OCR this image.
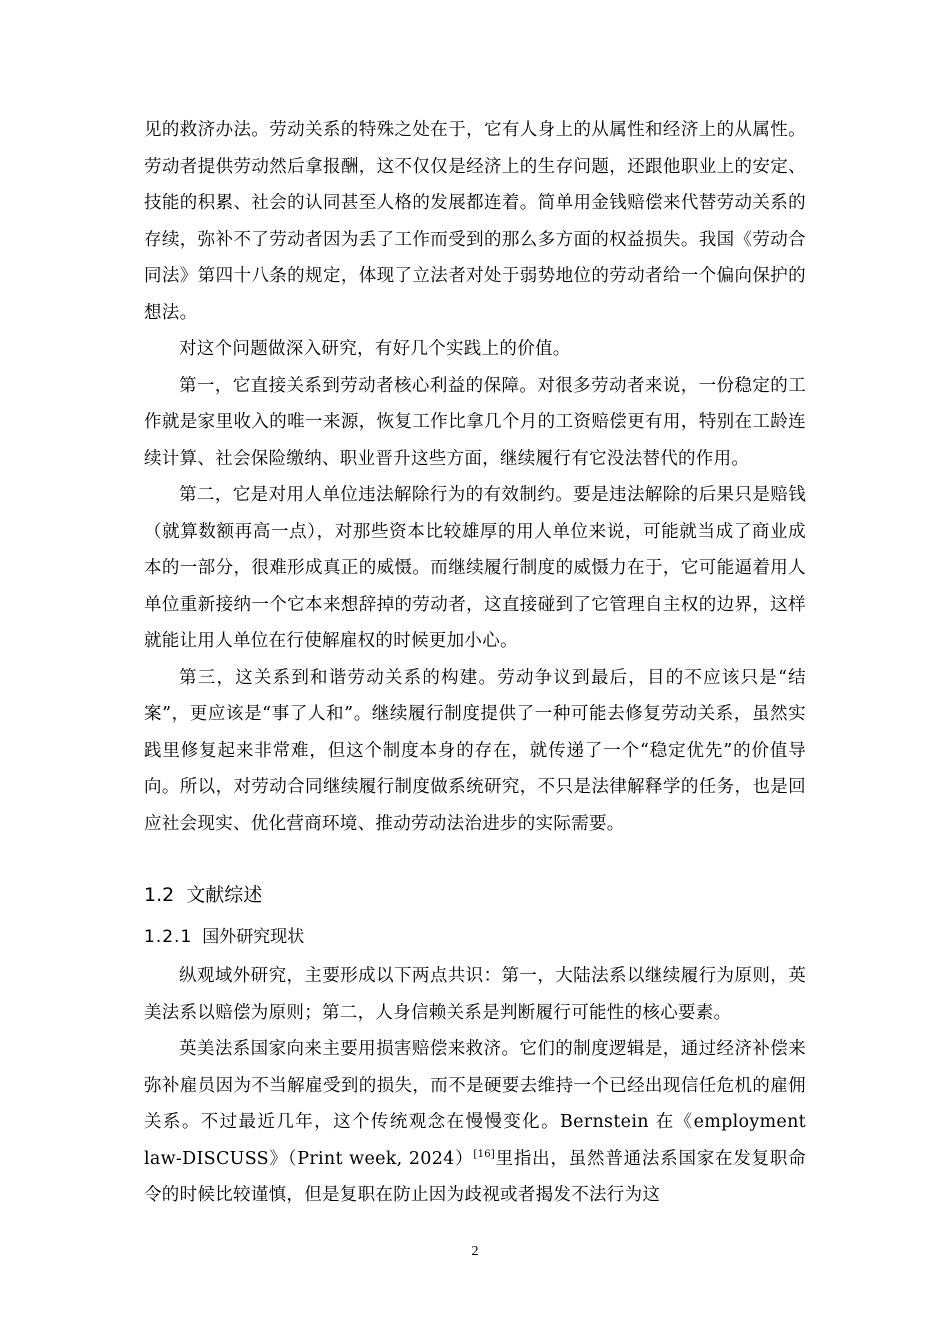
见的救济办法。劳动关系的特殊之处在于，它有人身上的从属性和经济上的从属性。劳动者提供劳动然后拿报酬，这不仅仅是经济上的生存问题，还跟他职业上的安定、技能的积累、社会的认同甚至人格的发展都连着。简单用金钱赔偿来代替劳动关系的存续，弥补不了劳动者因为丢了工作而受到的那么多方面的权益损失。我国《劳动合同法》第四十八条的规定，体现了立法者对处于弱势地位的劳动者给一个偏向保护的想法。

对这个问题做深入研究，有好几个实践上的价值。

第一，它直接关系到劳动者核心利益的保障。对很多劳动者来说，一份稳定的工作就是家里收入的唯一来源，恢复工作比拿几个月的工资赔偿更有用，特别在工龄连续计算、社会保险缴纳、职业晋升这些方面，继续履行有它没法替代的作用。

第二，它是对用人单位违法解除行为的有效制约。要是违法解除的后果只是赔钱（就算数额再高一点），对那些资本比较雄厚的用人单位来说，可能就当成了商业成本的一部分，很难形成真正的威慑。而继续履行制度的威慑力在于，它可能逼着用人单位重新接纳一个它本来想辞掉的劳动者，这直接碰到了它管理自主权的边界，这样就能让用人单位在行使解雇权的时候更加小心。

第三，这关系到和谐劳动关系的构建。劳动争议到最后，目的不应该只是“结案”，更应该是“事了人和”。继续履行制度提供了一种可能去修复劳动关系，虽然实践里修复起来非常难，但这个制度本身的存在，就传递了一个“稳定优先”的价值导向。所以，对劳动合同继续履行制度做系统研究，不只是法律解释学的任务，也是回应社会现实、优化营商环境、推动劳动法治进步的实际需要。

1.2 文献综述
1.2.1 国外研究现状

纵观域外研究，主要形成以下两点共识：第一，大陆法系以继续履行为原则，英美法系以赔偿为原则；第二，人身信赖关系是判断履行可能性的核心要素。

英美法系国家向来主要用损害赔偿来救济。它们的制度逻辑是，通过经济补偿来弥补雇员因为不当解雇受到的损失，而不是硬要去维持一个已经出现信任危机的雇佣关系。不过最近几年，这个传统观念在慢慢变化。Bernstein 在《employment law-DISCUSS》（Print week, 2024）[16]里指出，虽然普通法系国家在发复职命令的时候比较谨慎，但是复职在防止因为歧视或者揭发不法行为这

2
